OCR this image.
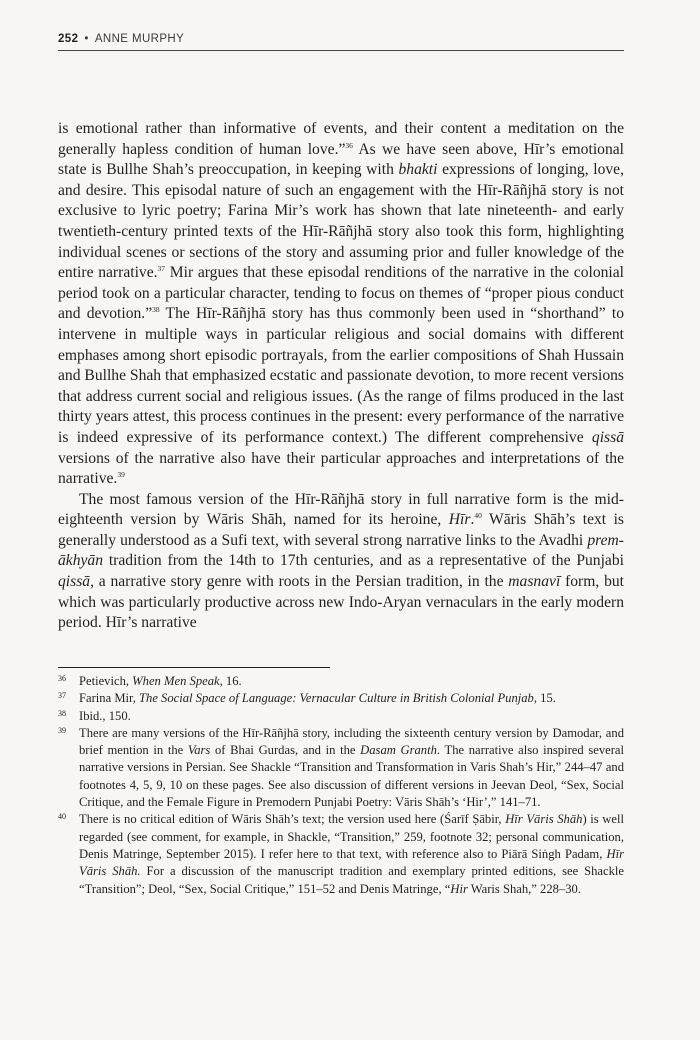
252 • ANNE MURPHY

is emotional rather than informative of events, and their content a meditation on the generally hapless condition of human love.”$^{36}$ As we have seen above, Hīr’s emotional state is Bullhe Shah’s preoccupation, in keeping with bhakti expressions of longing, love, and desire. This episodal nature of such an engagement with the Hīr-Rāñjhā story is not exclusive to lyric poetry; Farina Mir’s work has shown that late nineteenth- and early twentieth-century printed texts of the Hīr-Rāñjhā story also took this form, highlighting individual scenes or sections of the story and assuming prior and fuller knowledge of the entire narrative.$^{37}$ Mir argues that these episodal renditions of the narrative in the colonial period took on a particular character, tending to focus on themes of “proper pious conduct and devotion.”$^{38}$ The Hīr-Rāñjhā story has thus commonly been used in “shorthand” to intervene in multiple ways in particular religious and social domains with different emphases among short episodic portrayals, from the earlier compositions of Shah Hussain and Bullhe Shah that emphasized ecstatic and passionate devotion, to more recent versions that address current social and religious issues. (As the range of films produced in the last thirty years attest, this process continues in the present: every performance of the narrative is indeed expressive of its performance context.) The different comprehensive qissā versions of the narrative also have their particular approaches and interpretations of the narrative.$^{39}$

The most famous version of the Hīr-Rāñjhā story in full narrative form is the mid-eighteenth version by Wāris Shāh, named for its heroine, Hīr.$^{40}$ Wāris Shāh’s text is generally understood as a Sufi text, with several strong narrative links to the Avadhi prem-ākhyān tradition from the 14th to 17th centuries, and as a representative of the Punjabi qissā, a narrative story genre with roots in the Persian tradition, in the masnavī form, but which was particularly productive across new Indo-Aryan vernaculars in the early modern period. Hīr’s narrative

36	Petievich, When Men Speak, 16.
37	Farina Mir, The Social Space of Language: Vernacular Culture in British Colonial Punjab, 15.
38	Ibid., 150.
39	There are many versions of the Hīr-Rāñjhā story, including the sixteenth century version by Damodar, and brief mention in the Vars of Bhai Gurdas, and in the Dasam Granth. The narrative also inspired several narrative versions in Persian. See Shackle “Transition and Transformation in Varis Shah’s Hir,” 244–47 and footnotes 4, 5, 9, 10 on these pages. See also discussion of different versions in Jeevan Deol, “Sex, Social Critique, and the Female Figure in Premodern Punjabi Poetry: Vāris Shāh’s ‘Hir’,” 141–71.
40	There is no critical edition of Wāris Shāh’s text; the version used here (Śarīf Ṣābir, Hīr Vāris Shāh) is well regarded (see comment, for example, in Shackle, “Transition,” 259, footnote 32; personal communication, Denis Matringe, September 2015). I refer here to that text, with reference also to Piārā Siṅgh Padam, Hīr Vāris Shāh. For a discussion of the manuscript tradition and exemplary printed editions, see Shackle “Transition”; Deol, “Sex, Social Critique,” 151–52 and Denis Matringe, “Hir Waris Shah,” 228–30.
